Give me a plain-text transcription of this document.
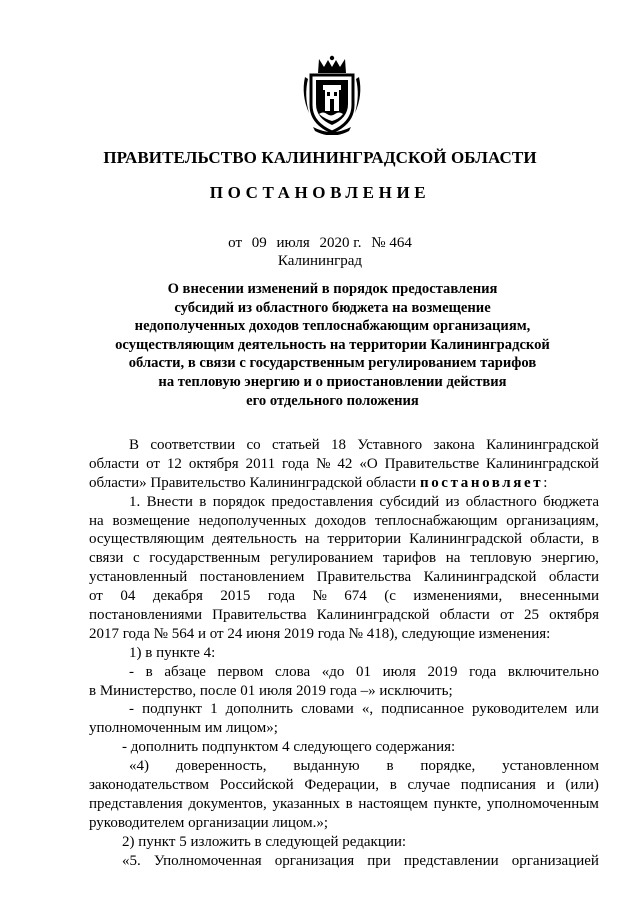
ПРАВИТЕЛЬСТВО КАЛИНИНГРАДСКОЙ ОБЛАСТИ
ПОСТАНОВЛЕНИЕ
от 09 июля 2020 г. № 464
Калининград
О внесении изменений в порядок предоставления
субсидий из областного бюджета на возмещение
недополученных доходов теплоснабжающим организациям,
осуществляющим деятельность на территории Калининградской
области, в связи с государственным регулированием тарифов
на тепловую энергию и о приостановлении действия
его отдельного положения
В соответствии со статьей 18 Уставного закона Калининградской
области от 12 октября 2011 года № 42 «О Правительстве Калининградской
области» Правительство Калининградской области
постановляет :
1. Внести в порядок предоставления субсидий из областного бюджета
на возмещение недополученных доходов теплоснабжающим организациям,
осуществляющим деятельность на территории Калининградской области, в
связи с государственным регулированием тарифов на тепловую энергию,
установленный постановлением Правительства Калининградской области
от 04 декабря 2015 года № 674 (с изменениями, внесенными
постановлениями Правительства Калининградской области от 25 октября
2017 года № 564 и от 24 июня 2019 года № 418), следующие изменения:
1) в пункте 4:
- в абзаце первом слова «до 01 июля 2019 года включительно
в Министерство, после 01 июля 2019 года –» исключить;
- подпункт 1 дополнить словами «, подписанное руководителем или
уполномоченным им лицом»;
- дополнить подпунктом 4 следующего содержания:
«4) доверенность, выданную в порядке, установленном
законодательством Российской Федерации, в случае подписания и (или)
представления документов, указанных в настоящем пункте, уполномоченным
руководителем организации лицом.»;
2) пункт 5 изложить в следующей редакции:
«5. Уполномоченная организация при представлении организацией
